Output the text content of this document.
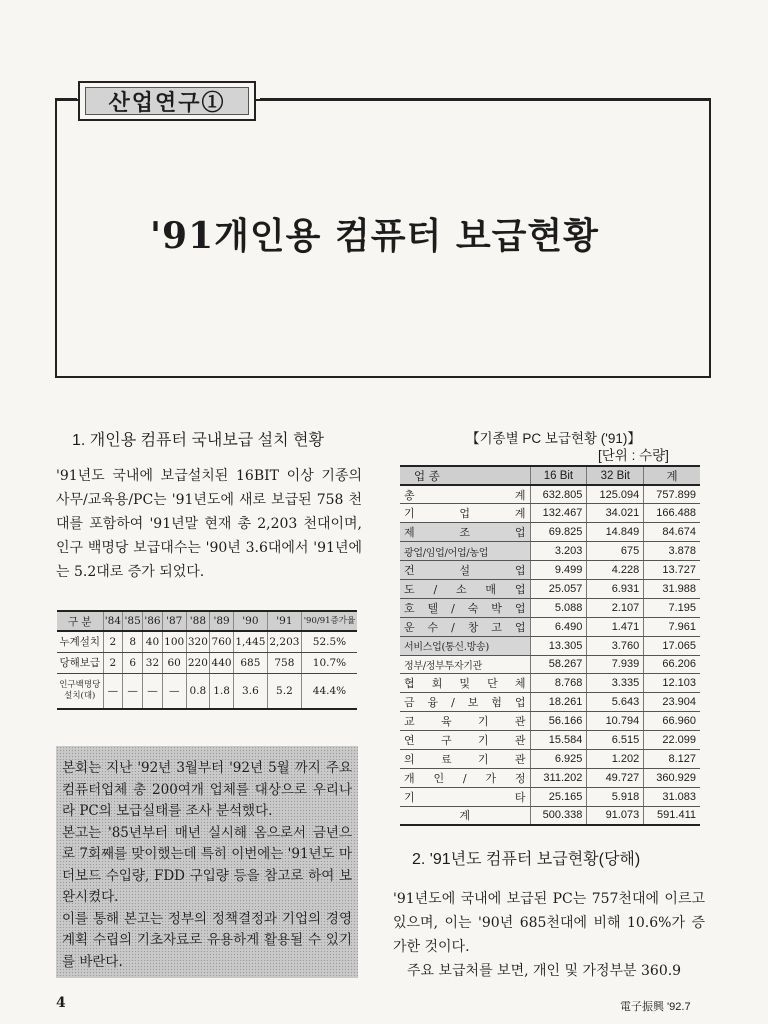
산업연구①
'91개인용 컴퓨터 보급현황
1. 개인용 컴퓨터 국내보급 설치 현황
'91년도 국내에 보급설치된 16BIT 이상 기종의 사무/교육용/PC는 '91년도에 새로 보급된 758 천대를 포함하여 '91년말 현재 총 2,203 천대이며, 인구 백명당 보급대수는 '90년 3.6대에서 '91년에는 5.2대로 증가 되었다.
구 분	'84	'85	'86	'87	'88	'89	'90	'91	'90/91증가율
누계설치	2	8	40	100	320	760	1,445	2,203	52.5%
당해보급	2	6	32	60	220	440	685	758	10.7%
인구백명당 설치(대)	—	—	—	—	0.8	1.8	3.6	5.2	44.4%

본회는 지난 '92년 3월부터 '92년 5월 까지 주요 컴퓨터업체 총 200여개 업체를 대상으로 우리나라 PC의 보급실태를 조사 분석했다.

본고는 '85년부터 매년 실시해 옴으로서 금년으로 7회째를 맞이했는데 특히 이번에는 '91년도 마더보드 수입량, FDD 구입량 등을 참고로 하여 보완시켰다.

이를 통해 본고는 정부의 정책결정과 기업의 경영계획 수립의 기초자료로 유용하게 활용될 수 있기를 바란다.

【기종별 PC 보급현황 ('91)】
[단위 : 수량]
업 종	16 Bit	32 Bit	계
총 계	632.805	125.094	757.899
기 업 계	132.467	34.021	166.488
제 조 업	69.825	14.849	84.674
광업/임업/어업/농업	3.203	675	3.878
건 설 업	9.499	4.228	13.727
도 / 소 매 업	25.057	6.931	31.988
호 텔 / 숙 박 업	5.088	2.107	7.195
운 수 / 창 고 업	6.490	1.471	7.961
서비스업(통신.방송)	13.305	3.760	17.065
정부/정부투자기관	58.267	7.939	66.206
협 회 및 단 체	8.768	3.335	12.103
금 융 / 보 험 업	18.261	5.643	23.904
교 육 기 관	56.166	10.794	66.960
연 구 기 관	15.584	6.515	22.099
의 료 기 관	6.925	1.202	8.127
개 인 / 가 정	311.202	49.727	360.929
기 타	25.165	5.918	31.083
계	500.338	91.073	591.411
2. '91년도 컴퓨터 보급현황(당해)

'91년도에 국내에 보급된 PC는 757천대에 이르고 있으며, 이는 '90년 685천대에 비해 10.6%가 증가한 것이다.

주요 보급처를 보면, 개인 및 가정부분 360.9

4	電子振興 '92.7
